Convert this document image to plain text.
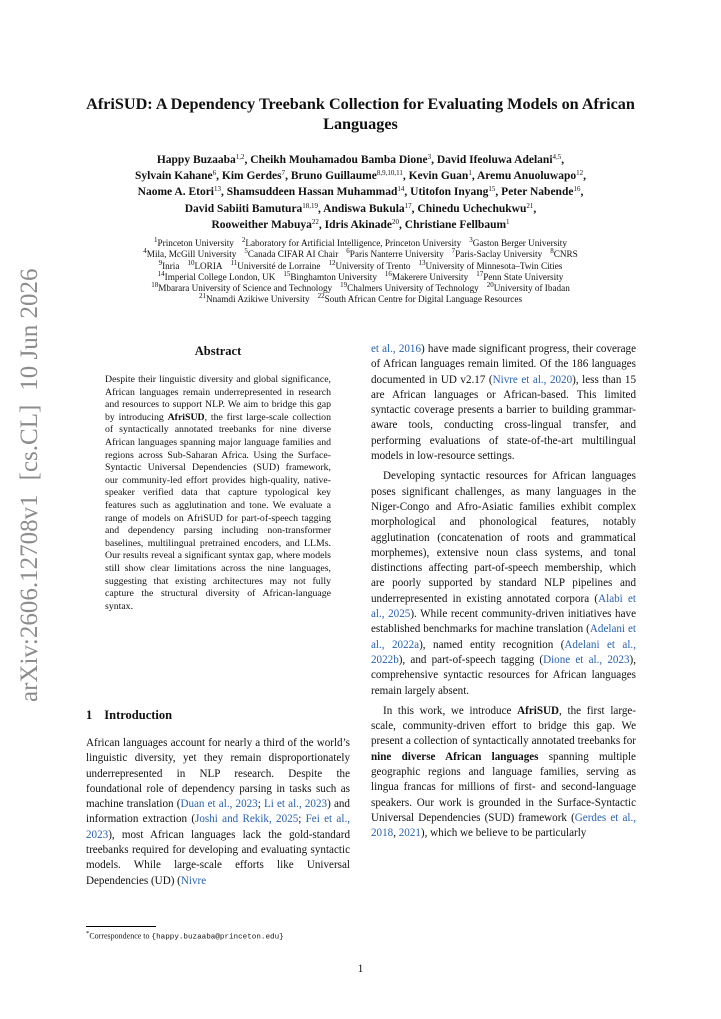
arXiv:2606.12708v1[cs.CL]10 Jun 2026
AfriSUD: A Dependency Treebank Collection for Evaluating Models on African Languages
Happy Buzaaba$^{1,2}$, Cheikh Mouhamadou Bamba Dione$^3$, David Ifeoluwa Adelani$^{4,5}$,
Sylvain Kahane$^6$, Kim Gerdes$^7$, Bruno Guillaume$^{8,9,10,11}$, Kevin Guan$^1$, Aremu Anuoluwapo$^{12}$,
Naome A. Etori$^{13}$, Shamsuddeen Hassan Muhammad$^{14}$, Utitofon Inyang$^{15}$, Peter Nabende$^{16}$,
David Sabiiti Bamutura$^{18,19}$, Andiswa Bukula$^{17}$, Chinedu Uchechukwu$^{21}$,
Rooweither Mabuya$^{22}$, Idris Akinade$^{20}$, Christiane Fellbaum$^1$
$^1$Princeton University $^2$Laboratory for Artificial Intelligence, Princeton University $^3$Gaston Berger University
$^4$Mila, McGill University $^5$Canada CIFAR AI Chair $^6$Paris Nanterre University $^7$Paris-Saclay University $^8$CNRS
$^9$Inria $^{10}$LORIA $^{11}$Université de Lorraine $^{12}$University of Trento $^{13}$University of Minnesota–Twin Cities
$^{14}$Imperial College London, UK $^{15}$Binghamton University $^{16}$Makerere University $^{17}$Penn State University
$^{18}$Mbarara University of Science and Technology $^{19}$Chalmers University of Technology $^{20}$University of Ibadan
$^{21}$Nnamdi Azikiwe University $^{22}$South African Centre for Digital Language Resources
Abstract
Despite their linguistic diversity and global significance, African languages remain underrepresented in research and resources to support NLP. We aim to bridge this gap by introducing AfriSUD, the first large-scale collection of syntactically annotated treebanks for nine diverse African languages spanning major language families and regions across Sub-Saharan Africa. Using the Surface-Syntactic Universal Dependencies (SUD) framework, our community-led effort provides high-quality, native-speaker verified data that capture typological key features such as agglutination and tone. We evaluate a range of models on AfriSUD for part-of-speech tagging and dependency parsing including non-transformer baselines, multilingual pretrained encoders, and LLMs. Our results reveal a significant syntax gap, where models still show clear limitations across the nine languages, suggesting that existing architectures may not fully capture the structural diversity of African-language syntax.
1 Introduction
African languages account for nearly a third of the world’s linguistic diversity, yet they remain disproportionately underrepresented in NLP research. Despite the foundational role of dependency parsing in tasks such as machine translation (Duan et al., 2023; Li et al., 2023) and information extraction (Joshi and Rekik, 2025; Fei et al., 2023), most African languages lack the gold-standard treebanks required for developing and evaluating syntactic models. While large-scale efforts like Universal Dependencies (UD) (Nivre

et al., 2016) have made significant progress, their coverage of African languages remain limited. Of the 186 languages documented in UD v2.17 (Nivre et al., 2020), less than 15 are African languages or African-based. This limited syntactic coverage presents a barrier to building grammar-aware tools, conducting cross-lingual transfer, and performing evaluations of state-of-the-art multilingual models in low-resource settings.

Developing syntactic resources for African languages poses significant challenges, as many languages in the Niger-Congo and Afro-Asiatic families exhibit complex morphological and phonological features, notably agglutination (concatenation of roots and grammatical morphemes), extensive noun class systems, and tonal distinctions affecting part-of-speech membership, which are poorly supported by standard NLP pipelines and underrepresented in existing annotated corpora (Alabi et al., 2025). While recent community-driven initiatives have established benchmarks for machine translation (Adelani et al., 2022a), named entity recognition (Adelani et al., 2022b), and part-of-speech tagging (Dione et al., 2023), comprehensive syntactic resources for African languages remain largely absent.

In this work, we introduce AfriSUD, the first large-scale, community-driven effort to bridge this gap. We present a collection of syntactically annotated treebanks for nine diverse African languages spanning multiple geographic regions and language families, serving as lingua francas for millions of first- and second-language speakers. Our work is grounded in the Surface-Syntactic Universal Dependencies (SUD) framework (Gerdes et al., 2018, 2021), which we believe to be particularly

*Correspondence to {happy.buzaaba@princeton.edu}
1
